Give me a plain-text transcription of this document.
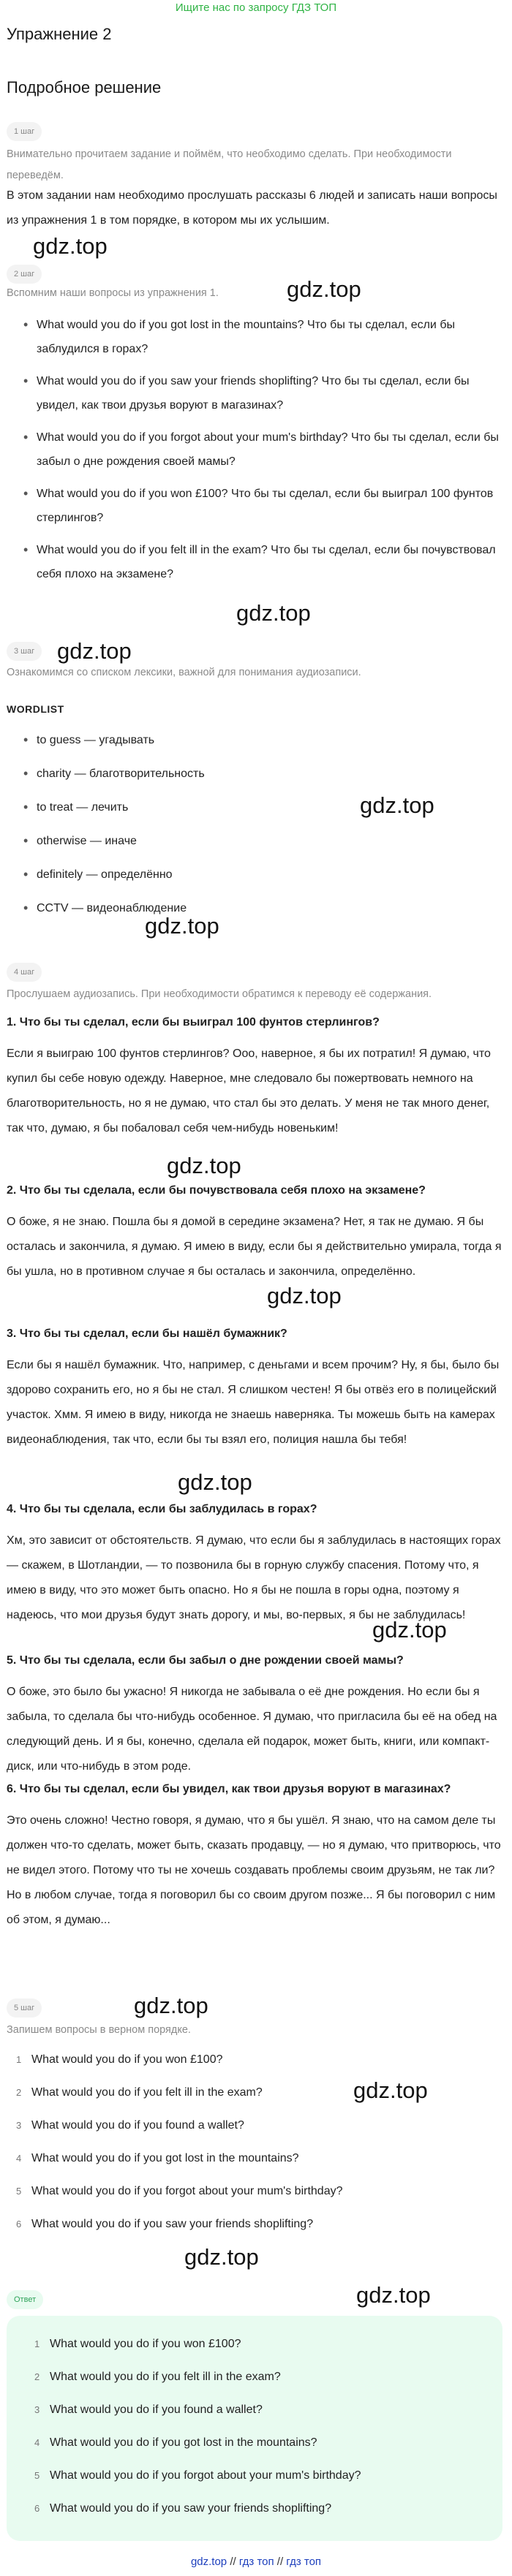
Ищите нас по запросу ГДЗ ТОП
Упражнение 2
Подробное решение
1 шаг
Внимательно прочитаем задание и поймём, что необходимо сделать. При необходимости переведём.
В этом задании нам необходимо прослушать рассказы 6 людей и записать наши вопросы из упражнения 1 в том порядке, в котором мы их услышим.
gdz.top
2 шаг
gdz.top
Вспомним наши вопросы из упражнения 1.
• What would you do if you got lost in the mountains? Что бы ты сделал, если бы заблудился в горах?
• What would you do if you saw your friends shoplifting? Что бы ты сделал, если бы увидел, как твои друзья воруют в магазинах?
• What would you do if you forgot about your mum's birthday? Что бы ты сделал, если бы забыл о дне рождения своей мамы?
• What would you do if you won £100? Что бы ты сделал, если бы выиграл 100 фунтов стерлингов?
• What would you do if you felt ill in the exam? Что бы ты сделал, если бы почувствовал себя плохо на экзамене?
gdz.top
3 шаг gdz.top
Ознакомимся со списком лексики, важной для понимания аудиозаписи.
WORDLIST
• to guess — угадывать
• charity — благотворительность
• to treat — лечить
• otherwise — иначе
• definitely — определённо
• CCTV — видеонаблюдение
gdz.top
gdz.top
4 шаг
Прослушаем аудиозапись. При необходимости обратимся к переводу её содержания.
1. Что бы ты сделал, если бы выиграл 100 фунтов стерлингов?
Если я выиграю 100 фунтов стерлингов? Ооо, наверное, я бы их потратил! Я думаю, что купил бы себе новую одежду. Наверное, мне следовало бы пожертвовать немного на благотворительность, но я не думаю, что стал бы это делать. У меня не так много денег, так что, думаю, я бы побаловал себя чем-нибудь новеньким!
gdz.top
2. Что бы ты сделала, если бы почувствовала себя плохо на экзамене?
О боже, я не знаю. Пошла бы я домой в середине экзамена? Нет, я так не думаю. Я бы осталась и закончила, я думаю. Я имею в виду, если бы я действительно умирала, тогда я бы ушла, но в противном случае я бы осталась и закончила, определённо.
gdz.top
3. Что бы ты сделал, если бы нашёл бумажник?
Если бы я нашёл бумажник. Что, например, с деньгами и всем прочим? Ну, я бы, было бы здорово сохранить его, но я бы не стал. Я слишком честен! Я бы отвёз его в полицейский участок. Хмм. Я имею в виду, никогда не знаешь наверняка. Ты можешь быть на камерах видеонаблюдения, так что, если бы ты взял его, полиция нашла бы тебя!
gdz.top
4. Что бы ты сделала, если бы заблудилась в горах?
Хм, это зависит от обстоятельств. Я думаю, что если бы я заблудилась в настоящих горах — скажем, в Шотландии, — то позвонила бы в горную службу спасения. Потому что, я имею в виду, что это может быть опасно. Но я бы не пошла в горы одна, поэтому я надеюсь, что мои друзья будут знать дорогу, и мы, во-первых, я бы не заблудилась!
gdz.top
5. Что бы ты сделала, если бы забыл о дне рождении своей мамы?
О боже, это было бы ужасно! Я никогда не забывала о её дне рождения. Но если бы я забыла, то сделала бы что-нибудь особенное. Я думаю, что пригласила бы её на обед на следующий день. И я бы, конечно, сделала ей подарок, может быть, книги, или компакт-диск, или что-нибудь в этом роде.
6. Что бы ты сделал, если бы увидел, как твои друзья воруют в магазинах?
Это очень сложно! Честно говоря, я думаю, что я бы ушёл. Я знаю, что на самом деле ты должен что-то сделать, может быть, сказать продавцу, — но я думаю, что притворюсь, что не видел этого. Потому что ты не хочешь создавать проблемы своим друзьям, не так ли? Но в любом случае, тогда я поговорил бы со своим другом позже... Я бы поговорил с ним об этом, я думаю...
5 шаг	gdz.top
Запишем вопросы в верном порядке.
1 What would you do if you won £100?
2 What would you do if you felt ill in the exam?
3 What would you do if you found a wallet?
4 What would you do if you got lost in the mountains?
5 What would you do if you forgot about your mum's birthday?
6 What would you do if you saw your friends shoplifting?
gdz.top
gdz.top
Ответ	gdz.top
1 What would you do if you won £100?
2 What would you do if you felt ill in the exam?
3 What would you do if you found a wallet?
4 What would you do if you got lost in the mountains?
5 What would you do if you forgot about your mum's birthday?
6 What would you do if you saw your friends shoplifting?
gdz.top // гдз топ // гдз топ
